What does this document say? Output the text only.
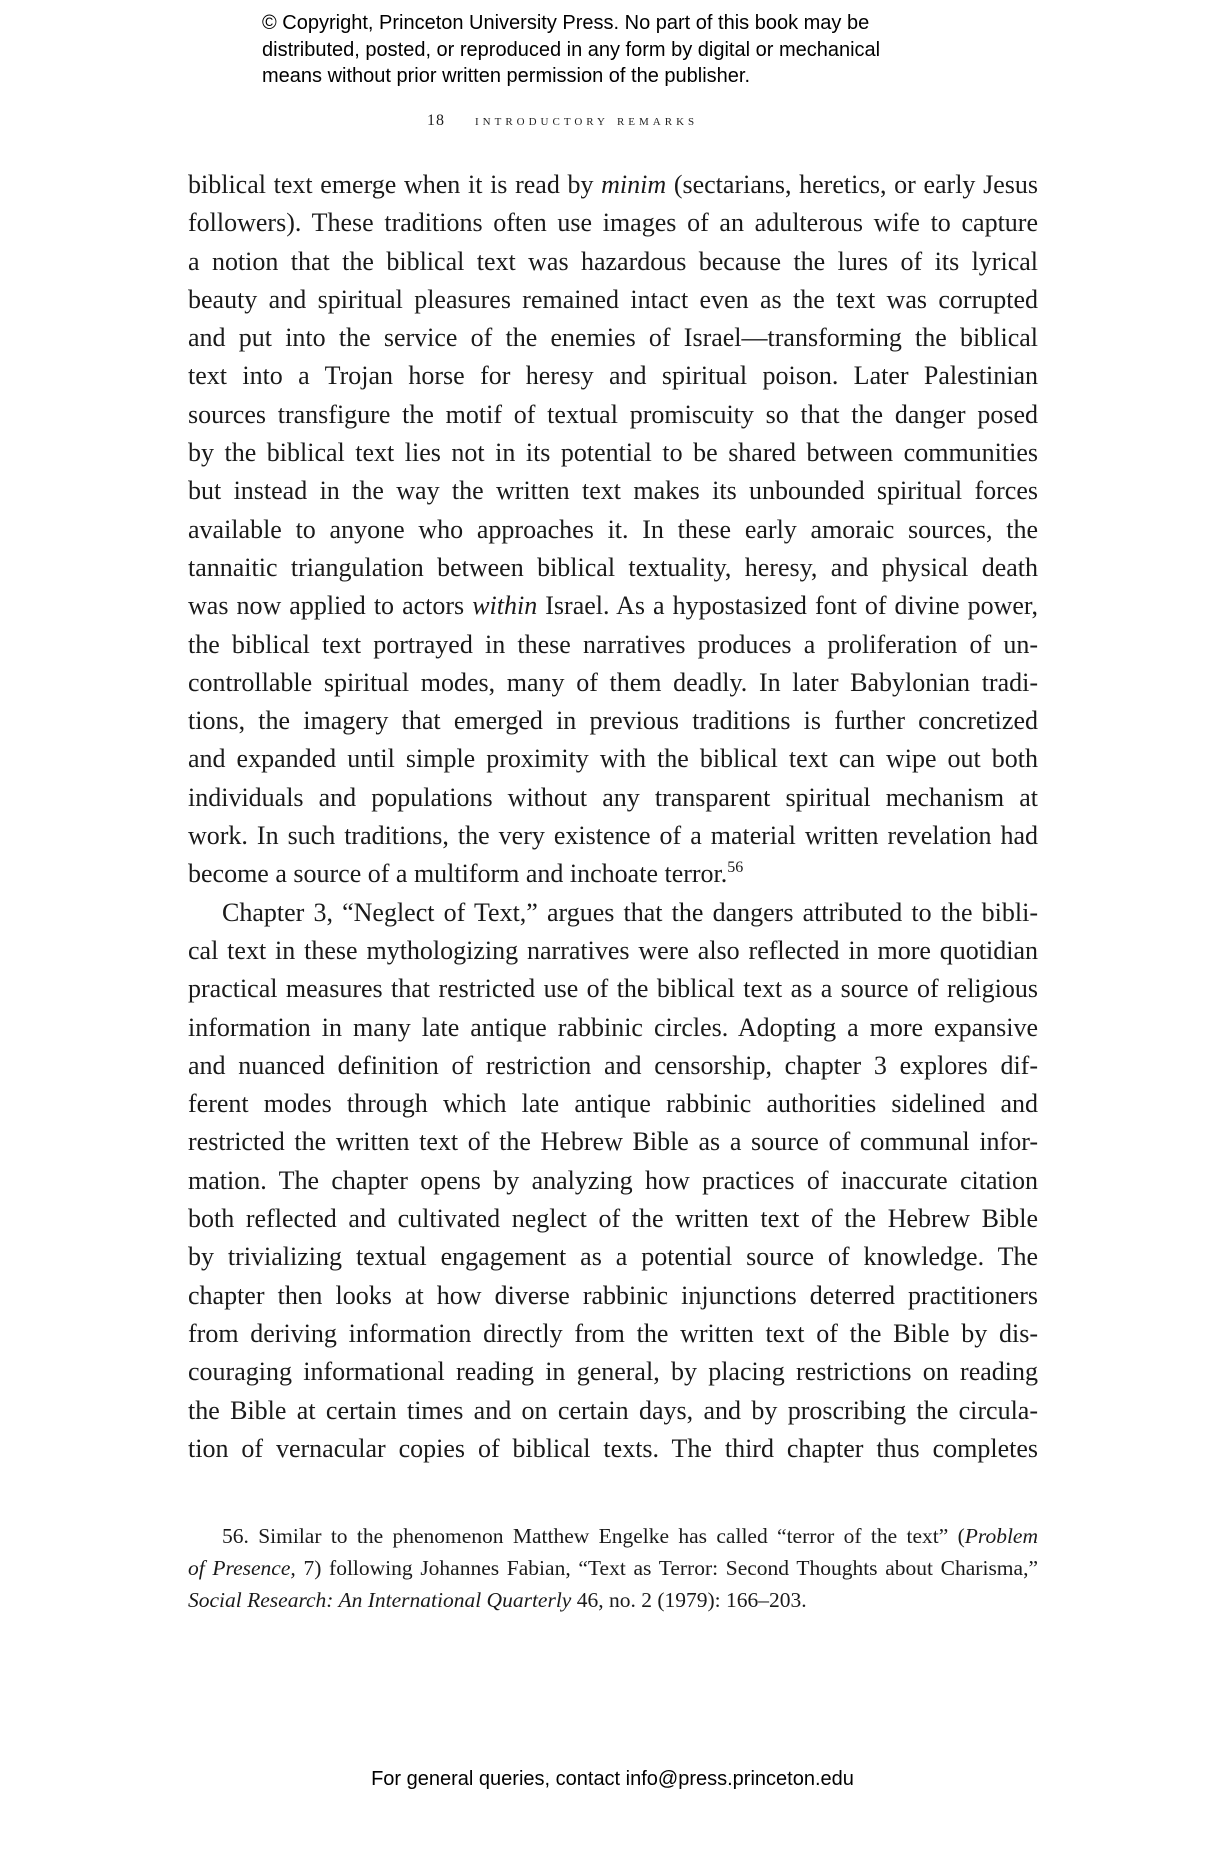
© Copyright, Princeton University Press. No part of this book may be
distributed, posted, or reproduced in any form by digital or mechanical
means without prior written permission of the publisher.
18 introductory remarks
biblical text emerge when it is read by minim (sectarians, heretics, or early Jesus
followers). These traditions often use images of an adulterous wife to capture
a notion that the biblical text was hazardous because the lures of its lyrical
beauty and spiritual pleasures remained intact even as the text was corrupted
and put into the service of the enemies of Israel—transforming the biblical
text into a Trojan horse for heresy and spiritual poison. Later Palestinian
sources transfigure the motif of textual promiscuity so that the danger posed
by the biblical text lies not in its potential to be shared between communities
but instead in the way the written text makes its unbounded spiritual forces
available to anyone who approaches it. In these early amoraic sources, the
tannaitic triangulation between biblical textuality, heresy, and physical death
was now applied to actors within Israel. As a hypostasized font of divine power,
the biblical text portrayed in these narratives produces a proliferation of un-
controllable spiritual modes, many of them deadly. In later Babylonian tradi-
tions, the imagery that emerged in previous traditions is further concretized
and expanded until simple proximity with the biblical text can wipe out both
individuals and populations without any transparent spiritual mechanism at
work. In such traditions, the very existence of a material written revelation had
become a source of a multiform and inchoate terror.$^{56}$
Chapter 3, “Neglect of Text,” argues that the dangers attributed to the bibli-
cal text in these mythologizing narratives were also reflected in more quotidian
practical measures that restricted use of the biblical text as a source of religious
information in many late antique rabbinic circles. Adopting a more expansive
and nuanced definition of restriction and censorship, chapter 3 explores dif-
ferent modes through which late antique rabbinic authorities sidelined and
restricted the written text of the Hebrew Bible as a source of communal infor-
mation. The chapter opens by analyzing how practices of inaccurate citation
both reflected and cultivated neglect of the written text of the Hebrew Bible
by trivializing textual engagement as a potential source of knowledge. The
chapter then looks at how diverse rabbinic injunctions deterred practitioners
from deriving information directly from the written text of the Bible by dis-
couraging informational reading in general, by placing restrictions on reading
the Bible at certain times and on certain days, and by proscribing the circula-
tion of vernacular copies of biblical texts. The third chapter thus completes
56. Similar to the phenomenon Matthew Engelke has called “terror of the text” (Problem
of Presence, 7) following Johannes Fabian, “Text as Terror: Second Thoughts about Charisma,”
Social Research: An International Quarterly 46, no. 2 (1979): 166–203.
For general queries, contact info@press.princeton.edu
